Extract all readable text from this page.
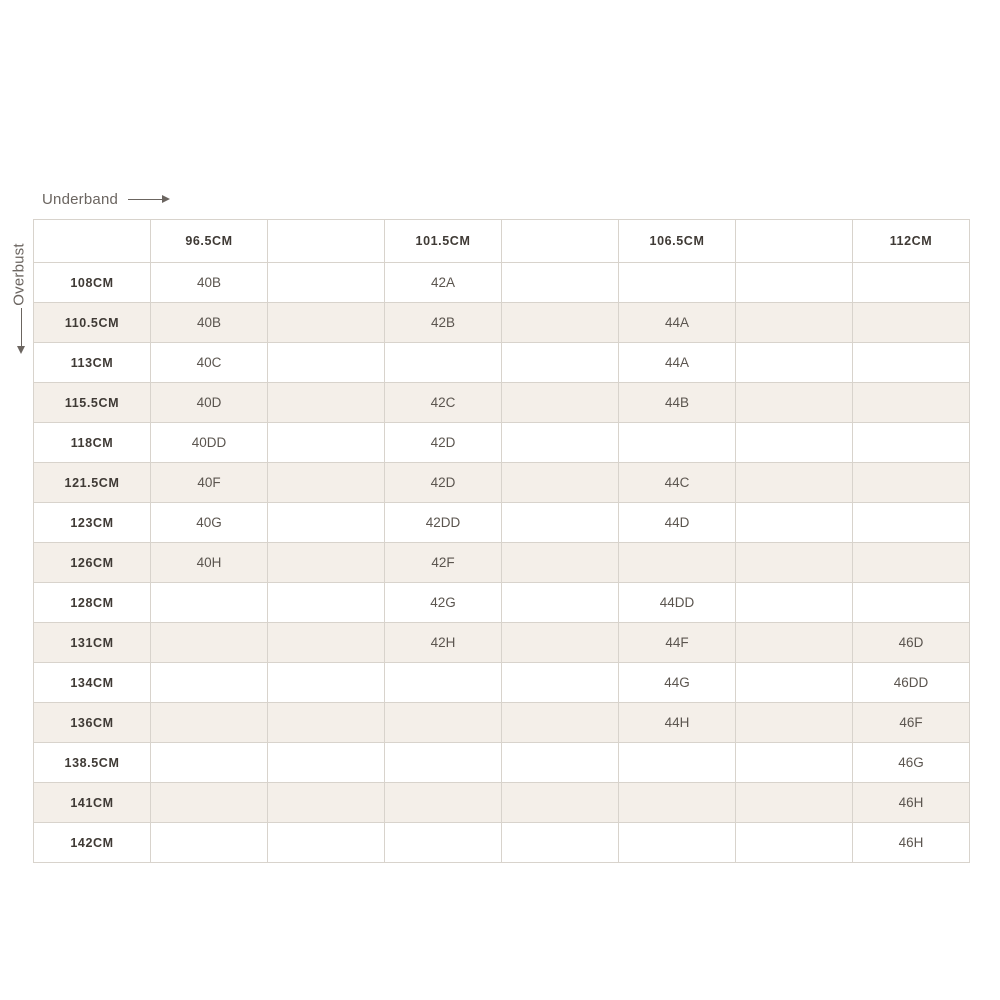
Underband
Overbust
	96.5CM		101.5CM		106.5CM		112CM
108CM	40B		42A				
110.5CM	40B		42B		44A		
113CM	40C				44A		
115.5CM	40D		42C		44B		
118CM	40DD		42D				
121.5CM	40F		42D		44C		
123CM	40G		42DD		44D		
126CM	40H		42F				
128CM			42G		44DD		
131CM			42H		44F		46D
134CM					44G		46DD
136CM					44H		46F
138.5CM							46G
141CM							46H
142CM							46H
